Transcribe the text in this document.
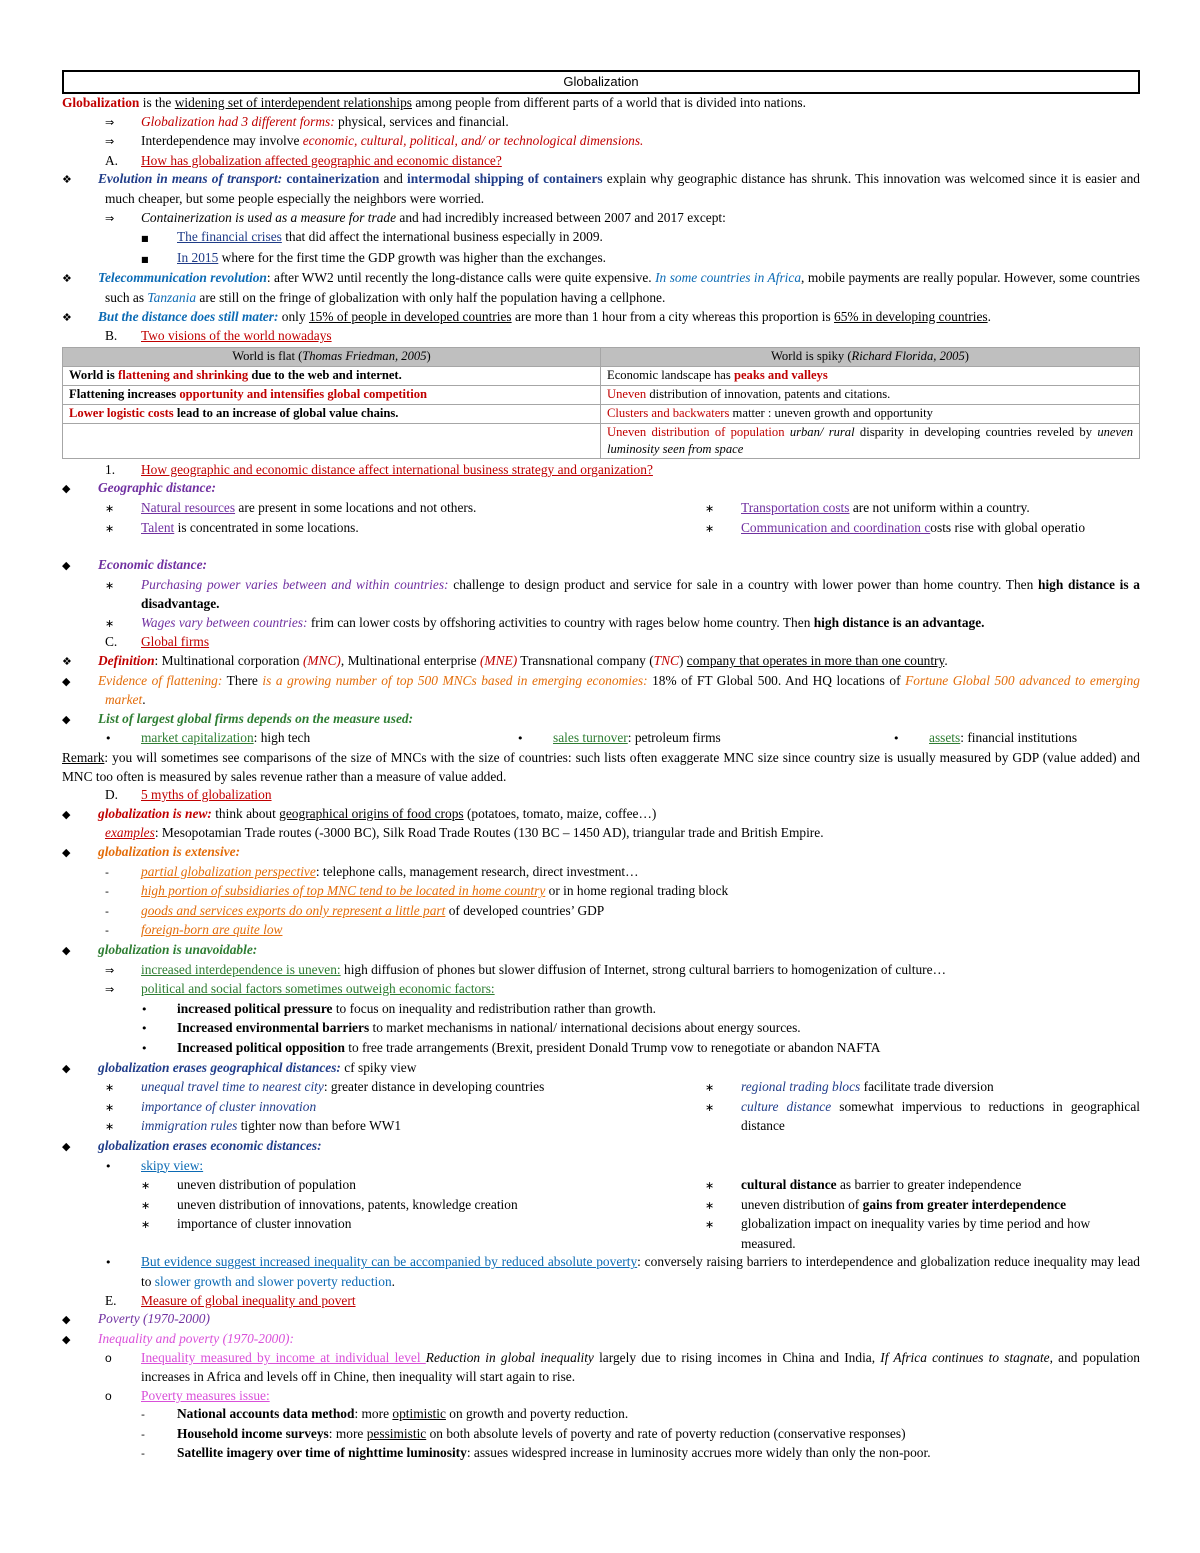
Globalization
Globalization is the widening set of interdependent relationships among people from different parts of a world that is divided into nations.
⇒ Globalization had 3 different forms: physical, services and financial.
⇒ Interdependence may involve economic, cultural, political, and/ or technological dimensions.
A. How has globalization affected geographic and economic distance?
❖ Evolution in means of transport: containerization and intermodal shipping of containers explain why geographic distance has shrunk. This innovation was welcomed since it is easier and much cheaper, but some people especially the neighbors were worried.
⇒ Containerization is used as a measure for trade and had incredibly increased between 2007 and 2017 except:
■ The financial crises that did affect the international business especially in 2009.
■ In 2015 where for the first time the GDP growth was higher than the exchanges.
❖ Telecommunication revolution: after WW2 until recently the long-distance calls were quite expensive. In some countries in Africa, mobile payments are really popular. However, some countries such as Tanzania are still on the fringe of globalization with only half the population having a cellphone.
❖ But the distance does still mater: only 15% of people in developed countries are more than 1 hour from a city whereas this proportion is 65% in developing countries.
B. Two visions of the world nowadays
World is flat (Thomas Friedman, 2005)	World is spiky (Richard Florida, 2005)
World is flattening and shrinking due to the web and internet.	Economic landscape has peaks and valleys
Flattening increases opportunity and intensifies global competition	Uneven distribution of innovation, patents and citations.
Lower logistic costs lead to an increase of global value chains.	Clusters and backwaters matter : uneven growth and opportunity
	Uneven distribution of population urban/ rural disparity in developing countries reveled by uneven luminosity seen from space
1. How geographic and economic distance affect international business strategy and organization?
◆ Geographic distance:
∗ Natural resources are present in some locations and not others.
∗ Talent is concentrated in some locations.
∗ Transportation costs are not uniform within a country.
∗ Communication and coordination costs rise with global operatio
◆ Economic distance:
∗ Purchasing power varies between and within countries: challenge to design product and service for sale in a country with lower power than home country. Then high distance is a disadvantage.
∗ Wages vary between countries: frim can lower costs by offshoring activities to country with rages below home country. Then high distance is an advantage.
C. Global firms
❖ Definition: Multinational corporation (MNC), Multinational enterprise (MNE) Transnational company (TNC) company that operates in more than one country.
◆ Evidence of flattening: There is a growing number of top 500 MNCs based in emerging economies: 18% of FT Global 500. And HQ locations of Fortune Global 500 advanced to emerging market.
◆ List of largest global firms depends on the measure used:
• market capitalization: high tech	• sales turnover: petroleum firms	• assets: financial institutions
Remark: you will sometimes see comparisons of the size of MNCs with the size of countries: such lists often exaggerate MNC size since country size is usually measured by GDP (value added) and MNC too often is measured by sales revenue rather than a measure of value added.
D. 5 myths of globalization
◆ globalization is new: think about geographical origins of food crops (potatoes, tomato, maize, coffee…)
examples: Mesopotamian Trade routes (-3000 BC), Silk Road Trade Routes (130 BC – 1450 AD), triangular trade and British Empire.
◆ globalization is extensive:
- partial globalization perspective: telephone calls, management research, direct investment…
- high portion of subsidiaries of top MNC tend to be located in home country or in home regional trading block
- goods and services exports do only represent a little part of developed countries’ GDP
- foreign-born are quite low
◆ globalization is unavoidable:
⇒ increased interdependence is uneven: high diffusion of phones but slower diffusion of Internet, strong cultural barriers to homogenization of culture…
⇒ political and social factors sometimes outweigh economic factors:
• increased political pressure to focus on inequality and redistribution rather than growth.
• Increased environmental barriers to market mechanisms in national/ international decisions about energy sources.
• Increased political opposition to free trade arrangements (Brexit, president Donald Trump vow to renegotiate or abandon NAFTA
◆ globalization erases geographical distances: cf spiky view
∗ unequal travel time to nearest city: greater distance in developing countries
∗ importance of cluster innovation
∗ immigration rules tighter now than before WW1
∗ regional trading blocs facilitate trade diversion
∗ culture distance somewhat impervious to reductions in geographical distance
◆ globalization erases economic distances:
• skipy view:
∗ uneven distribution of population
∗ uneven distribution of innovations, patents, knowledge creation
∗ importance of cluster innovation
∗ cultural distance as barrier to greater independence
∗ uneven distribution of gains from greater interdependence
∗ globalization impact on inequality varies by time period and how measured.
• But evidence suggest increased inequality can be accompanied by reduced absolute poverty: conversely raising barriers to interdependence and globalization reduce inequality may lead to slower growth and slower poverty reduction.
E. Measure of global inequality and povert
◆ Poverty (1970-2000)
◆ Inequality and poverty (1970-2000):
o Inequality measured by income at individual level Reduction in global inequality largely due to rising incomes in China and India, If Africa continues to stagnate, and population increases in Africa and levels off in Chine, then inequality will start again to rise.
o Poverty measures issue:
- National accounts data method: more optimistic on growth and poverty reduction.
- Household income surveys: more pessimistic on both absolute levels of poverty and rate of poverty reduction (conservative responses)
- Satellite imagery over time of nighttime luminosity: assues widespred increase in luminosity accrues more widely than only the non-poor.
